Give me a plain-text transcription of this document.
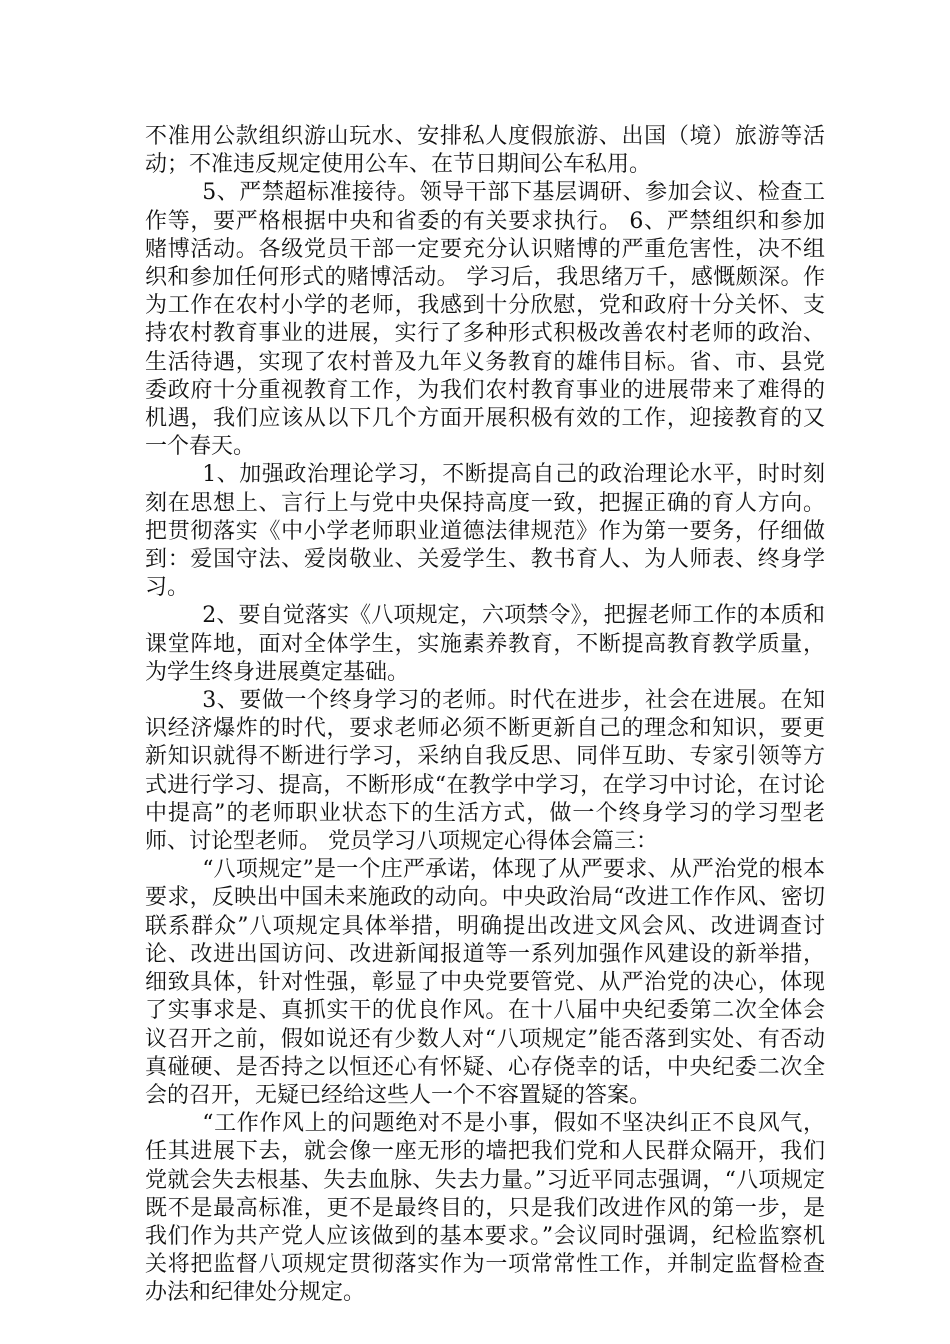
不准用公款组织游山玩水、安排私人度假旅游、出国（境）旅游等活动；不准违反规定使用公车、在节日期间公车私用。

5、严禁超标准接待。领导干部下基层调研、参加会议、检查工作等，要严格根据中央和省委的有关要求执行。 6、严禁组织和参加赌博活动。各级党员干部一定要充分认识赌博的严重危害性，决不组织和参加任何形式的赌博活动。 学习后，我思绪万千，感慨颇深。作为工作在农村小学的老师，我感到十分欣慰，党和政府十分关怀、支持农村教育事业的进展，实行了多种形式积极改善农村老师的政治、生活待遇，实现了农村普及九年义务教育的雄伟目标。省、市、县党委政府十分重视教育工作，为我们农村教育事业的进展带来了难得的机遇，我们应该从以下几个方面开展积极有效的工作，迎接教育的又一个春天。

1、加强政治理论学习，不断提高自己的政治理论水平，时时刻刻在思想上、言行上与党中央保持高度一致，把握正确的育人方向。把贯彻落实《中小学老师职业道德法律规范》作为第一要务，仔细做到：爱国守法、爱岗敬业、关爱学生、教书育人、为人师表、终身学习。

2、要自觉落实《八项规定，六项禁令》，把握老师工作的本质和课堂阵地，面对全体学生，实施素养教育，不断提高教育教学质量，为学生终身进展奠定基础。

3、要做一个终身学习的老师。时代在进步，社会在进展。在知识经济爆炸的时代，要求老师必须不断更新自己的理念和知识，要更新知识就得不断进行学习，采纳自我反思、同伴互助、专家引领等方式进行学习、提高，不断形成“在教学中学习，在学习中讨论，在讨论中提高”的老师职业状态下的生活方式，做一个终身学习的学习型老师、讨论型老师。 党员学习八项规定心得体会篇三：

“八项规定”是一个庄严承诺，体现了从严要求、从严治党的根本要求，反映出中国未来施政的动向。中央政治局“改进工作作风、密切联系群众”八项规定具体举措，明确提出改进文风会风、改进调查讨论、改进出国访问、改进新闻报道等一系列加强作风建设的新举措，细致具体，针对性强，彰显了中央党要管党、从严治党的决心，体现了实事求是、真抓实干的优良作风。在十八届中央纪委第二次全体会议召开之前，假如说还有少数人对“八项规定”能否落到实处、有否动真碰硬、是否持之以恒还心有怀疑、心存侥幸的话，中央纪委二次全会的召开，无疑已经给这些人一个不容置疑的答案。

“工作作风上的问题绝对不是小事，假如不坚决纠正不良风气，任其进展下去，就会像一座无形的墙把我们党和人民群众隔开，我们党就会失去根基、失去血脉、失去力量。”习近平同志强调，“八项规定既不是最高标准，更不是最终目的，只是我们改进作风的第一步，是我们作为共产党人应该做到的基本要求。”会议同时强调，纪检监察机关将把监督八项规定贯彻落实作为一项常常性工作，并制定监督检查办法和纪律处分规定。
